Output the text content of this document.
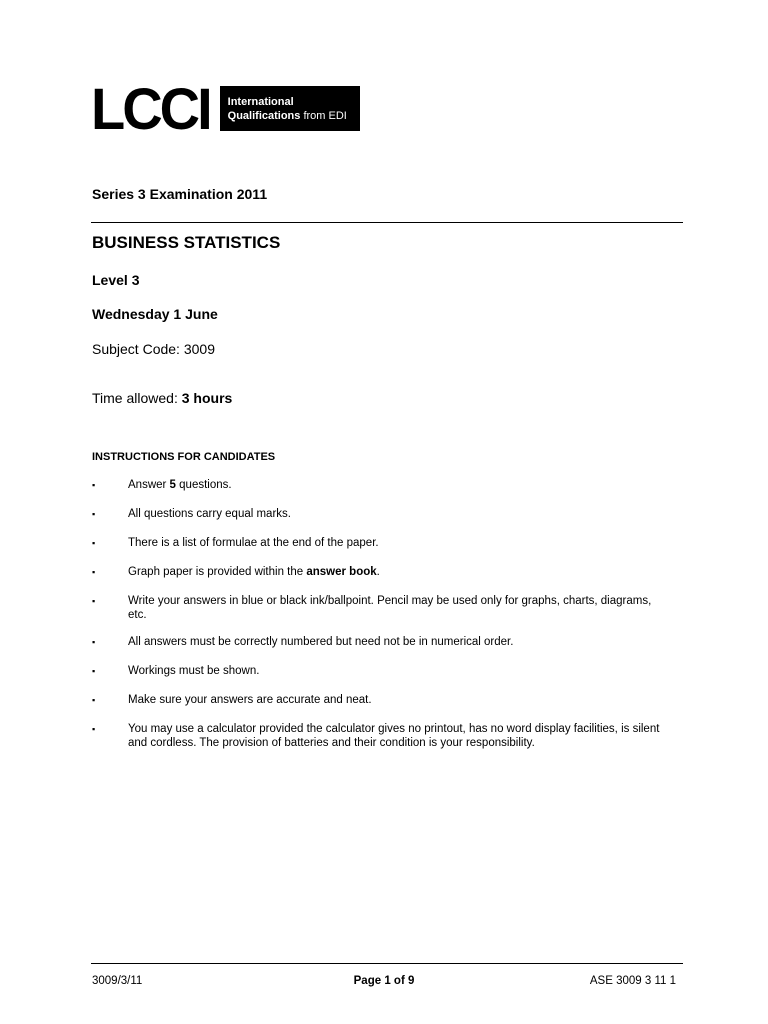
LCCI International
Qualifications from EDI
Series 3 Examination 2011
BUSINESS STATISTICS
Level 3
Wednesday 1 June
Subject Code: 3009
Time allowed: 3 hours
INSTRUCTIONS FOR CANDIDATES
▪	Answer 5 questions.
▪	All questions carry equal marks.
▪	There is a list of formulae at the end of the paper.
▪	Graph paper is provided within the answer book.
▪	Write your answers in blue or black ink/ballpoint. Pencil may be used only for graphs, charts, diagrams, etc.
▪	All answers must be correctly numbered but need not be in numerical order.
▪	Workings must be shown.
▪	Make sure your answers are accurate and neat.
▪	You may use a calculator provided the calculator gives no printout, has no word display facilities, is silent and cordless. The provision of batteries and their condition is your responsibility.
3009/3/11	Page 1 of 9	ASE 3009 3 11 1
